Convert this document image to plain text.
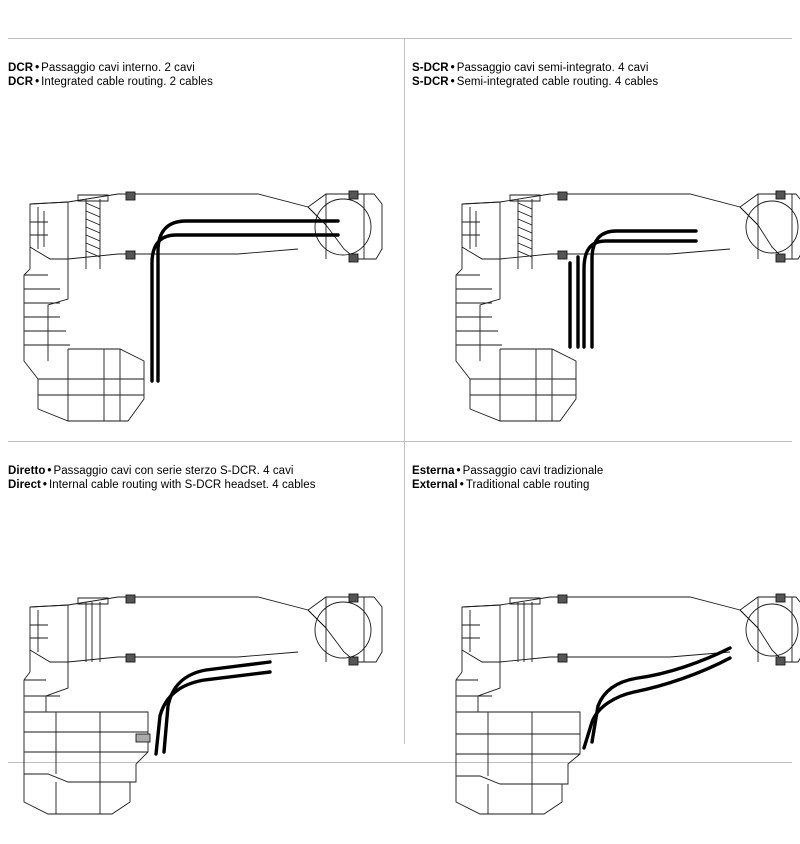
DCR • Passaggio cavi interno. 2 cavi
DCR • Integrated cable routing. 2 cables
S-DCR • Passaggio cavi semi-integrato. 4 cavi
S-DCR • Semi-integrated cable routing. 4 cables
Diretto • Passaggio cavi con serie sterzo S-DCR. 4 cavi
Direct • Internal cable routing with S-DCR headset. 4 cables
Esterna • Passaggio cavi tradizionale
External • Traditional cable routing
